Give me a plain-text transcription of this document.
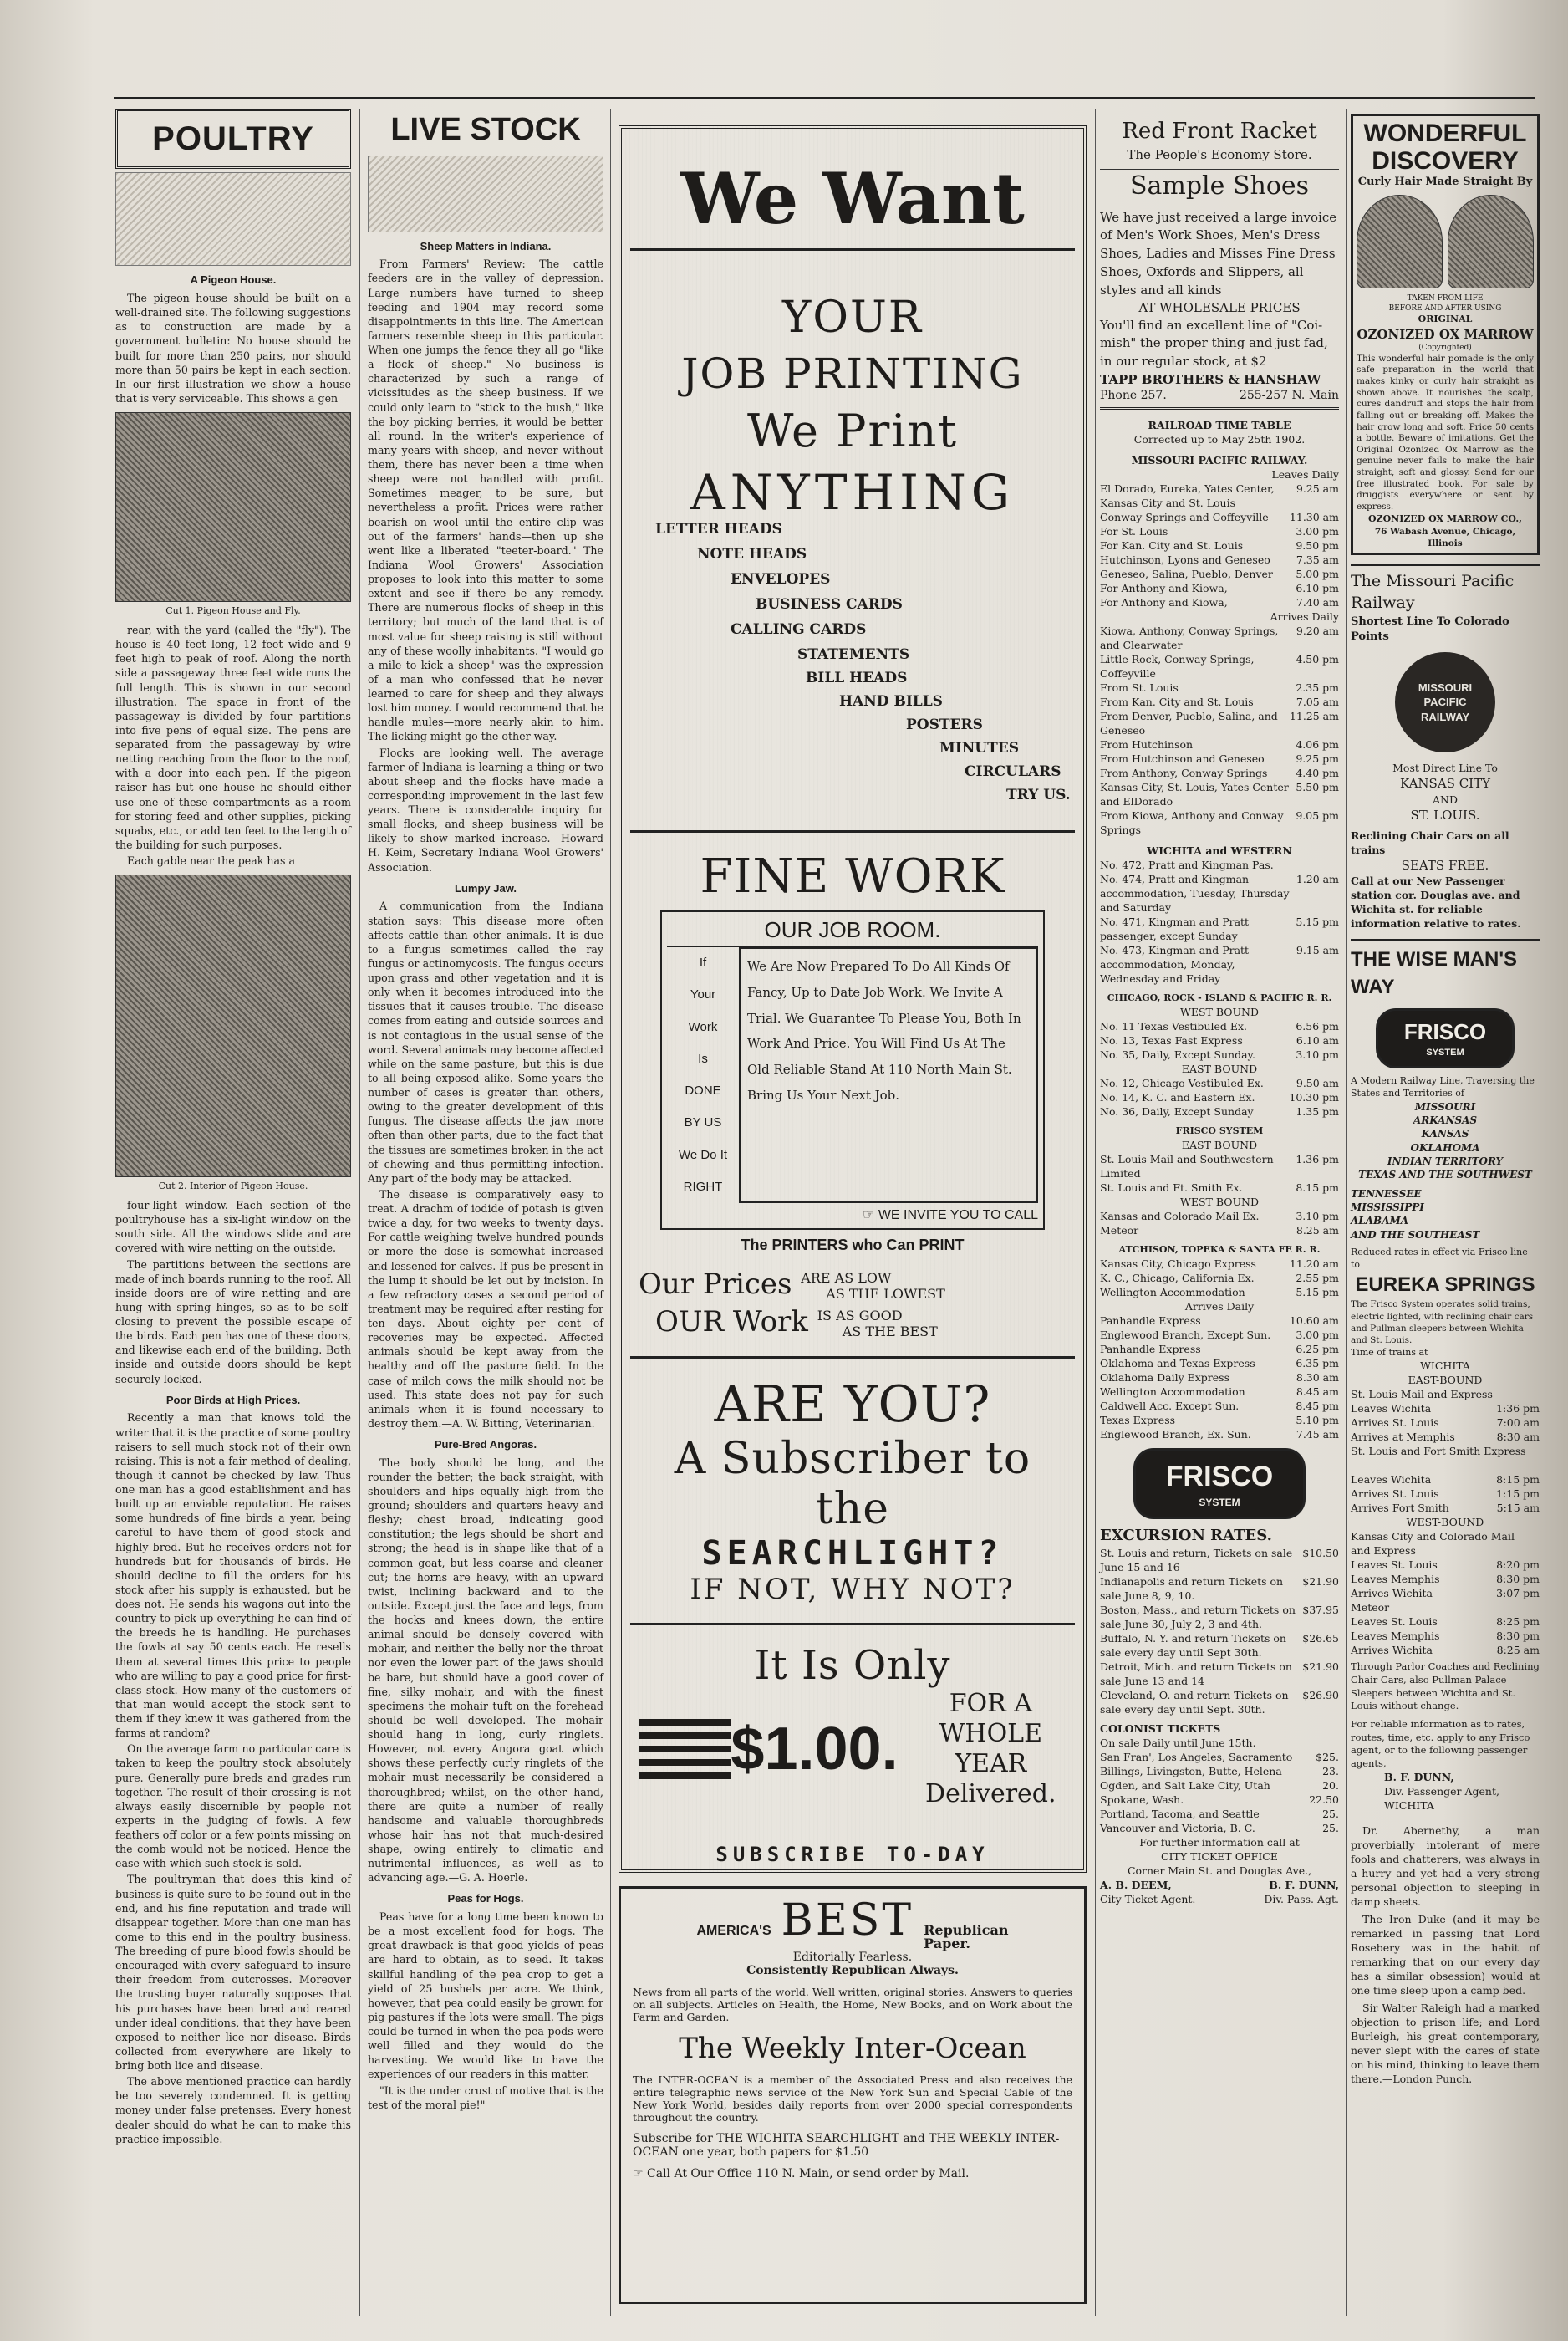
POULTRY
A Pigeon House.

The pigeon house should be built on a well-drained site. The following suggestions as to construction are made by a government bulletin: No house should be built for more than 250 pairs, nor should more than 50 pairs be kept in each section. In our first illustration we show a house that is very serviceable. This shows a gen

Cut 1. Pigeon House and Fly.

rear, with the yard (called the "fly"). The house is 40 feet long, 12 feet wide and 9 feet high to peak of roof. Along the north side a passageway three feet wide runs the full length. This is shown in our second illustration. The space in front of the passageway is divided by four partitions into five pens of equal size. The pens are separated from the passageway by wire netting reaching from the floor to the roof, with a door into each pen. If the pigeon raiser has but one house he should either use one of these compartments as a room for storing feed and other supplies, picking squabs, etc., or add ten feet to the length of the building for such purposes.

Each gable near the peak has a

Cut 2. Interior of Pigeon House.

four-light window. Each section of the poultryhouse has a six-light window on the south side. All the windows slide and are covered with wire netting on the outside.

The partitions between the sections are made of inch boards running to the roof. All inside doors are of wire netting and are hung with spring hinges, so as to be self-closing to prevent the possible escape of the birds. Each pen has one of these doors, and likewise each end of the building. Both inside and outside doors should be kept securely locked.

Poor Birds at High Prices.

Recently a man that knows told the writer that it is the practice of some poultry raisers to sell much stock not of their own raising. This is not a fair method of dealing, though it cannot be checked by law. Thus one man has a good establishment and has built up an enviable reputation. He raises some hundreds of fine birds a year, being careful to have them of good stock and highly bred. But he receives orders not for hundreds but for thousands of birds. He should decline to fill the orders for his stock after his supply is exhausted, but he does not. He sends his wagons out into the country to pick up everything he can find of the breeds he is handling. He purchases the fowls at say 50 cents each. He resells them at several times this price to people who are willing to pay a good price for first-class stock. How many of the customers of that man would accept the stock sent to them if they knew it was gathered from the farms at random?

On the average farm no particular care is taken to keep the poultry stock absolutely pure. Generally pure breds and grades run together. The result of their crossing is not always easily discernible by people not experts in the judging of fowls. A few feathers off color or a few points missing on the comb would not be noticed. Hence the ease with which such stock is sold.

The poultryman that does this kind of business is quite sure to be found out in the end, and his fine reputation and trade will disappear together. More than one man has come to this end in the poultry business. The breeding of pure blood fowls should be encouraged with every safeguard to insure their freedom from outcrosses. Moreover the trusting buyer naturally supposes that his purchases have been bred and reared under ideal conditions, that they have been exposed to neither lice nor disease. Birds collected from everywhere are likely to bring both lice and disease.

The above mentioned practice can hardly be too severely condemned. It is getting money under false pretenses. Every honest dealer should do what he can to make this practice impossible.

LIVE STOCK
Sheep Matters in Indiana.

From Farmers' Review: The cattle feeders are in the valley of depression. Large numbers have turned to sheep feeding and 1904 may record some disappointments in this line. The American farmers resemble sheep in this particular. When one jumps the fence they all go "like a flock of sheep." No business is characterized by such a range of vicissitudes as the sheep business. If we could only learn to "stick to the bush," like the boy picking berries, it would be better all round. In the writer's experience of many years with sheep, and never without them, there has never been a time when sheep were not handled with profit. Sometimes meager, to be sure, but nevertheless a profit. Prices were rather bearish on wool until the entire clip was out of the farmers' hands—then up she went like a liberated "teeter-board." The Indiana Wool Growers' Association proposes to look into this matter to some extent and see if there be any remedy. There are numerous flocks of sheep in this territory; but much of the land that is of most value for sheep raising is still without any of these woolly inhabitants. "I would go a mile to kick a sheep" was the expression of a man who confessed that he never learned to care for sheep and they always lost him money. I would recommend that he handle mules—more nearly akin to him. The licking might go the other way.

Flocks are looking well. The average farmer of Indiana is learning a thing or two about sheep and the flocks have made a corresponding improvement in the last few years. There is considerable inquiry for small flocks, and sheep business will be likely to show marked increase.—Howard H. Keim, Secretary Indiana Wool Growers' Association.

Lumpy Jaw.

A communication from the Indiana station says: This disease more often affects cattle than other animals. It is due to a fungus sometimes called the ray fungus or actinomycosis. The fungus occurs upon grass and other vegetation and it is only when it becomes introduced into the tissues that it causes trouble. The disease comes from eating and outside sources and is not contagious in the usual sense of the word. Several animals may become affected while on the same pasture, but this is due to all being exposed alike. Some years the number of cases is greater than others, owing to the greater development of this fungus. The disease affects the jaw more often than other parts, due to the fact that the tissues are sometimes broken in the act of chewing and thus permitting infection. Any part of the body may be attacked.

The disease is comparatively easy to treat. A drachm of iodide of potash is given twice a day, for two weeks to twenty days. For cattle weighing twelve hundred pounds or more the dose is somewhat increased and lessened for calves. If pus be present in the lump it should be let out by incision. In a few refractory cases a second period of treatment may be required after resting for ten days. About eighty per cent of recoveries may be expected. Affected animals should be kept away from the healthy and off the pasture field. In the case of milch cows the milk should not be used. This state does not pay for such animals when it is found necessary to destroy them.—A. W. Bitting, Veterinarian.

Pure-Bred Angoras.

The body should be long, and the rounder the better; the back straight, with shoulders and hips equally high from the ground; shoulders and quarters heavy and fleshy; chest broad, indicating good constitution; the legs should be short and strong; the head is in shape like that of a common goat, but less coarse and cleaner cut; the horns are heavy, with an upward twist, inclining backward and to the outside. Except just the face and legs, from the hocks and knees down, the entire animal should be densely covered with mohair, and neither the belly nor the throat nor even the lower part of the jaws should be bare, but should have a good cover of fine, silky mohair, and with the finest specimens the mohair tuft on the forehead should be well developed. The mohair should hang in long, curly ringlets. However, not every Angora goat which shows these perfectly curly ringlets of the mohair must necessarily be considered a thoroughbred; whilst, on the other hand, there are quite a number of really handsome and valuable thoroughbreds whose hair has not that much-desired shape, owing entirely to climatic and nutrimental influences, as well as to advancing age.—G. A. Hoerle.

Peas for Hogs.

Peas have for a long time been known to be a most excellent food for hogs. The great drawback is that good yields of peas are hard to obtain, as to seed. It takes skillful handling of the pea crop to get a yield of 25 bushels per acre. We think, however, that pea could easily be grown for pig pastures if the lots were small. The pigs could be turned in when the pea pods were well filled and they would do the harvesting. We would like to have the experiences of our readers in this matter.

"It is the under crust of motive that is the test of the moral pie!"

We Want
YOUR
JOB PRINTING
We Print
ANYTHING
LETTER HEADS
NOTE HEADS
ENVELOPES
BUSINESS CARDS
CALLING CARDS
STATEMENTS
BILL HEADS
HAND BILLS
POSTERS
MINUTES
CIRCULARS
TRY US.
FINE WORK
OUR JOB ROOM.
If
Your
Work
Is
DONE
BY US
We Do It
RIGHT
We Are Now Prepared To Do All Kinds Of Fancy, Up to Date Job Work. We Invite A Trial. We Guarantee To Please You, Both In Work And Price. You Will Find Us At The Old Reliable Stand At 110 North Main St. Bring Us Your Next Job.
☞ WE INVITE YOU TO CALL
The PRINTERS who Can PRINT
Our Prices ARE AS LOW
AS THE LOWEST
OUR Work IS AS GOOD
AS THE BEST
ARE YOU?
A Subscriber to the
SEARCHLIGHT?
IF NOT, WHY NOT?
It Is Only
$1.00.
FOR A
WHOLE YEAR
Delivered.
SUBSCRIBE TO-DAY
AMERICA'S BEST Republican
Paper.
Editorially Fearless.
Consistently Republican Always.
News from all parts of the world. Well written, original stories. Answers to queries on all subjects. Articles on Health, the Home, New Books, and on Work about the Farm and Garden.
The Weekly Inter-Ocean
The INTER-OCEAN is a member of the Associated Press and also receives the entire telegraphic news service of the New York Sun and Special Cable of the New York World, besides daily reports from over 2000 special correspondents throughout the country.
Subscribe for THE WICHITA SEARCHLIGHT and THE WEEKLY INTER-OCEAN one year, both papers for $1.50
☞ Call At Our Office 110 N. Main, or send order by Mail.
Red Front Racket
The People's Economy Store.
Sample Shoes
We have just received a large invoice of Men's Work Shoes, Men's Dress Shoes, Ladies and Misses Fine Dress Shoes, Oxfords and Slippers, all styles and all kinds
AT WHOLESALE PRICES
You'll find an excellent line of "Coi-mish" the proper thing and just fad, in our regular stock, at $2
TAPP BROTHERS & HANSHAW
Phone 257.	255-257 N. Main
RAILROAD TIME TABLE
Corrected up to May 25th 1902.
MISSOURI PACIFIC RAILWAY.
Leaves Daily
El Dorado, Eureka, Yates Center, Kansas City and St. Louis
9.25 am
Conway Springs and Coffeyville 11.30 am
For St. Louis	3.00 pm
For Kan. City and St. Louis	9.50 pm
Hutchinson, Lyons and Geneseo 7.35 am
Geneseo, Salina, Pueblo, Denver 5.00 pm
For Anthony and Kiowa,	6.10 pm
For Anthony and Kiowa,	7.40 am
Arrives Daily
Kiowa, Anthony, Conway Springs, and Clearwater
9.20 am
Little Rock, Conway Springs, Coffeyville
4.50 pm
From St. Louis	2.35 pm
From Kan. City and St. Louis	7.05 am
From Denver, Pueblo, Salina, and Geneseo
11.25 am
From Hutchinson	4.06 pm
From Hutchinson and Geneseo	9.25 pm
From Anthony, Conway Springs	4.40 pm
Kansas City, St. Louis, Yates Center and ElDorado
5.50 pm
From Kiowa, Anthony and Conway Springs
9.05 pm
WICHITA and WESTERN
No. 472, Pratt and Kingman Pas.
No. 474, Pratt and Kingman accommodation, Tuesday, Thursday and Saturday
1.20 am
No. 471, Kingman and Pratt passenger, except Sunday
5.15 pm
No. 473, Kingman and Pratt accommodation, Monday, Wednesday and Friday
9.15 am
CHICAGO, ROCK - ISLAND & PACIFIC R. R.
WEST BOUND
No. 11 Texas Vestibuled Ex.	6.56 pm
No. 13, Texas Fast Express	6.10 am
No. 35, Daily, Except Sunday.	3.10 pm
EAST BOUND
No. 12, Chicago Vestibuled Ex.	9.50 am
No. 14, K. C. and Eastern Ex.	10.30 pm
No. 36, Daily, Except Sunday	1.35 pm
FRISCO SYSTEM
EAST BOUND
St. Louis Mail and Southwestern Limited
1.36 pm
St. Louis and Ft. Smith Ex.	8.15 pm
WEST BOUND
Kansas and Colorado Mail Ex.	3.10 pm
Meteor	8.25 am
ATCHISON, TOPEKA & SANTA FE R. R.
Kansas City, Chicago Express	11.20 am
K. C., Chicago, California Ex.	2.55 pm
Wellington Accommodation	5.15 pm
Arrives Daily
Panhandle Express	10.60 am
Englewood Branch, Except Sun. 3.00 pm
Panhandle Express	6.25 pm
Oklahoma and Texas Express	6.35 pm
Oklahoma Daily Express	8.30 am
Wellington Accommodation	8.45 am
Caldwell Acc. Except Sun.	8.45 pm
Texas Express	5.10 pm
Englewood Branch, Ex. Sun.	7.45 am
FRISCO
SYSTEM
EXCURSION RATES.
St. Louis and return, Tickets on sale June 15 and 16
$10.50
Indianapolis and return Tickets on sale June 8, 9, 10.
$21.90
Boston, Mass., and return Tickets on sale June 30, July 2, 3 and 4th.
$37.95
Buffalo, N. Y. and return Tickets on sale every day until Sept 30th.
$26.65
Detroit, Mich. and return Tickets on sale June 13 and 14
$21.90
Cleveland, O. and return Tickets on sale every day until Sept. 30th.
$26.90
COLONIST TICKETS
On sale Daily until June 15th.
San Fran', Los Angeles, Sacramento $25.
Billings, Livingston, Butte, Helena	23.
Ogden, and Salt Lake City, Utah	20.
Spokane, Wash.	22.50
Portland, Tacoma, and Seattle	25.
Vancouver and Victoria, B. C.	25.
For further information call at
CITY TICKET OFFICE
Corner Main St. and Douglas Ave.,
A. B. DEEM,	B. F. DUNN,
City Ticket Agent.	Div. Pass. Agt.
WONDERFUL
DISCOVERY
Curly Hair Made Straight By
TAKEN FROM LIFE
BEFORE AND AFTER USING
ORIGINAL
OZONIZED OX MARROW
(Copyrighted)
This wonderful hair pomade is the only safe preparation in the world that makes kinky or curly hair straight as shown above. It nourishes the scalp, cures dandruff and stops the hair from falling out or breaking off. Makes the hair grow long and soft. Price 50 cents a bottle. Beware of imitations. Get the Original Ozonized Ox Marrow as the genuine never fails to make the hair straight, soft and glossy. Send for our free illustrated book. For sale by druggists everywhere or sent by express.
OZONIZED OX MARROW CO.,
76 Wabash Avenue, Chicago, Illinois
The Missouri Pacific Railway
Shortest Line To Colorado Points
MISSOURI PACIFIC RAILWAY
Most Direct Line To
KANSAS CITY
AND
ST. LOUIS.
Reclining Chair Cars on all trains
SEATS FREE.
Call at our New Passenger station cor. Douglas ave. and Wichita st. for reliable information relative to rates.
THE WISE MAN'S WAY
FRISCO
SYSTEM
A Modern Railway Line, Traversing the States and Territories of
MISSOURI
ARKANSAS
KANSAS
OKLAHOMA
INDIAN TERRITORY
TEXAS AND THE SOUTHWEST
TENNESSEE
MISSISSIPPI
ALABAMA
AND THE SOUTHEAST
Reduced rates in effect via Frisco line to
EUREKA SPRINGS
The Frisco System operates solid trains, electric lighted, with reclining chair cars and Pullman sleepers between Wichita and St. Louis.
Time of trains at
WICHITA
EAST-BOUND
St. Louis Mail and Express—
Leaves Wichita	1:36 pm
Arrives St. Louis	7:00 am
Arrives at Memphis	8:30 am
St. Louis and Fort Smith Express—
Leaves Wichita	8:15 pm
Arrives St. Louis	1:15 pm
Arrives Fort Smith	5:15 am
WEST-BOUND
Kansas City and Colorado Mail and Express
Leaves St. Louis	8:20 pm
Leaves Memphis	8:30 pm
Arrives Wichita	3:07 pm
Meteor
Leaves St. Louis	8:25 pm
Leaves Memphis	8:30 pm
Arrives Wichita	8:25 am
Through Parlor Coaches and Reclining Chair Cars, also Pullman Palace Sleepers between Wichita and St. Louis without change.
For reliable information as to rates, routes, time, etc. apply to any Frisco agent, or to the following passenger agents,
B. F. DUNN,
Div. Passenger Agent, WICHITA

Dr. Abernethy, a man proverbially intolerant of mere fools and chatterers, was always in a hurry and yet had a very strong personal objection to sleeping in damp sheets.

The Iron Duke (and it may be remarked in passing that Lord Rosebery was in the habit of remarking that on our every day has a similar obsession) would at one time sleep upon a camp bed.

Sir Walter Raleigh had a marked objection to prison life; and Lord Burleigh, his great contemporary, never slept with the cares of state on his mind, thinking to leave them there.—London Punch.
